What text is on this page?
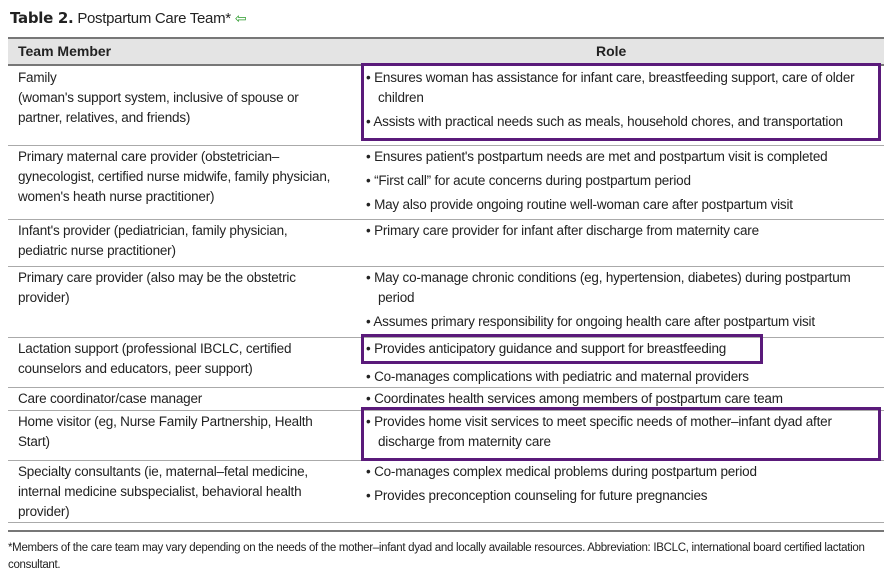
Table 2. Postpartum Care Team* ⇦
Team Member	Role
Family
(woman's support system, inclusive of spouse or partner, relatives, and friends)
• Ensures woman has assistance for infant care, breastfeeding support, care of older children
• Assists with practical needs such as meals, household chores, and transportation
Primary maternal care provider (obstetrician–gynecologist, certified nurse midwife, family physician, women's heath nurse practitioner)
• Ensures patient's postpartum needs are met and postpartum visit is completed
• “First call” for acute concerns during postpartum period
• May also provide ongoing routine well-woman care after postpartum visit
Infant's provider (pediatrician, family physician, pediatric nurse practitioner)
• Primary care provider for infant after discharge from maternity care
Primary care provider (also may be the obstetric provider)
• May co-manage chronic conditions (eg, hypertension, diabetes) during postpartum period
• Assumes primary responsibility for ongoing health care after postpartum visit
Lactation support (professional IBCLC, certified counselors and educators, peer support)
• Provides anticipatory guidance and support for breastfeeding
• Co-manages complications with pediatric and maternal providers
Care coordinator/case manager	• Coordinates health services among members of postpartum care team
Home visitor (eg, Nurse Family Partnership, Health Start)
• Provides home visit services to meet specific needs of mother–infant dyad after discharge from maternity care
Specialty consultants (ie, maternal–fetal medicine, internal medicine subspecialist, behavioral health provider)
• Co-manages complex medical problems during postpartum period
• Provides preconception counseling for future pregnancies
*Members of the care team may vary depending on the needs of the mother–infant dyad and locally available resources. Abbreviation: IBCLC, international board certified lactation consultant.
